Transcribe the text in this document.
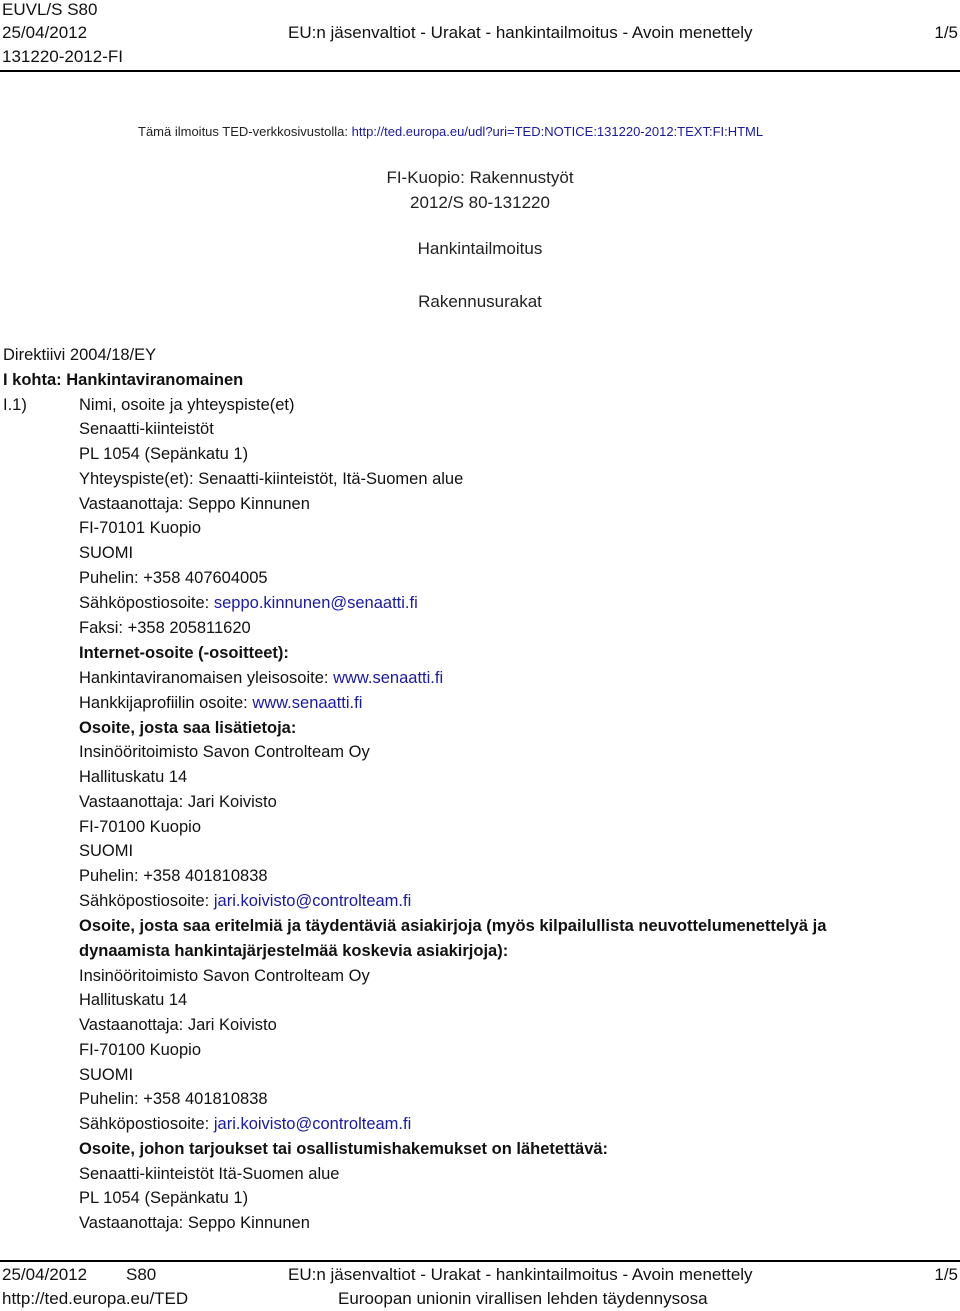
EUVL/S S80
25/04/2012
131220-2012-FI
EU:n jäsenvaltiot - Urakat - hankintailmoitus - Avoin menettely	1/5
Tämä ilmoitus TED-verkkosivustolla: http://ted.europa.eu/udl?uri=TED:NOTICE:131220-2012:TEXT:FI:HTML
FI-Kuopio: Rakennustyöt
2012/S 80-131220
Hankintailmoitus
Rakennusurakat
Direktiivi 2004/18/EY
I kohta: Hankintaviranomainen
I.1)	Nimi, osoite ja yhteyspiste(et)
Senaatti-kiinteistöt
PL 1054 (Sepänkatu 1)
Yhteyspiste(et): Senaatti-kiinteistöt, Itä-Suomen alue
Vastaanottaja: Seppo Kinnunen
FI-70101 Kuopio
SUOMI
Puhelin: +358 407604005
Sähköpostiosoite: seppo.kinnunen@senaatti.fi
Faksi: +358 205811620
Internet-osoite (-osoitteet):
Hankintaviranomaisen yleisosoite: www.senaatti.fi
Hankkijaprofiilin osoite: www.senaatti.fi
Osoite, josta saa lisätietoja:
Insinööritoimisto Savon Controlteam Oy
Hallituskatu 14
Vastaanottaja: Jari Koivisto
FI-70100 Kuopio
SUOMI
Puhelin: +358 401810838
Sähköpostiosoite: jari.koivisto@controlteam.fi
Osoite, josta saa eritelmiä ja täydentäviä asiakirjoja (myös kilpailullista neuvottelumenettelyä ja
dynaamista hankintajärjestelmää koskevia asiakirjoja):
Insinööritoimisto Savon Controlteam Oy
Hallituskatu 14
Vastaanottaja: Jari Koivisto
FI-70100 Kuopio
SUOMI
Puhelin: +358 401810838
Sähköpostiosoite: jari.koivisto@controlteam.fi
Osoite, johon tarjoukset tai osallistumishakemukset on lähetettävä:
Senaatti-kiinteistöt Itä-Suomen alue
PL 1054 (Sepänkatu 1)
Vastaanottaja: Seppo Kinnunen
25/04/2012 S80
http://ted.europa.eu/TED
EU:n jäsenvaltiot - Urakat - hankintailmoitus - Avoin menettely
Euroopan unionin virallisen lehden täydennysosa
1/5
